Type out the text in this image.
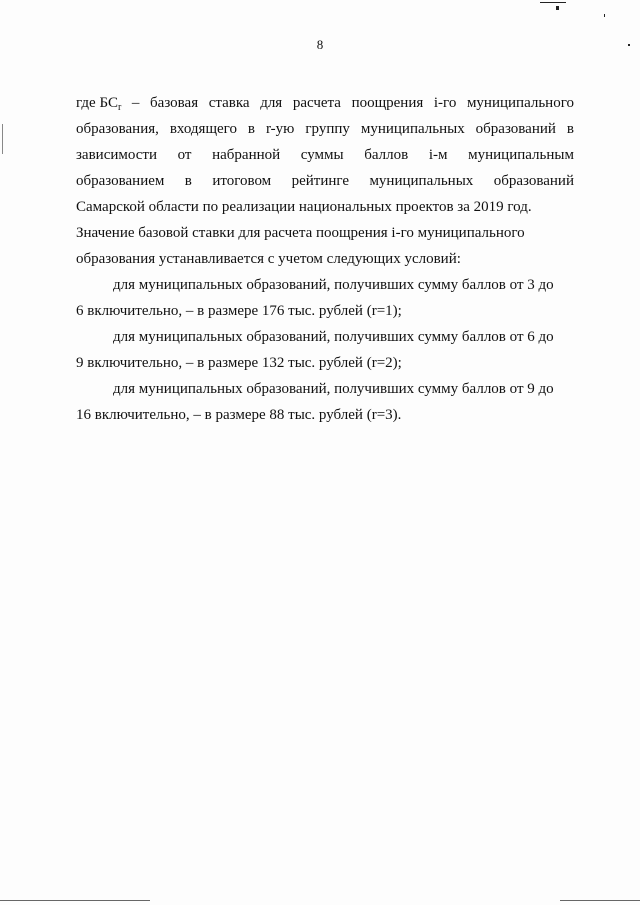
8
где $БС_r$ – базовая ставка для расчета поощрения i-го муниципального
образования, входящего в r-ую группу муниципальных образований в
зависимости от набранной суммы баллов i-м муниципальным
образованием в итоговом рейтинге муниципальных образований
Самарской области по реализации национальных проектов за 2019 год.
Значение базовой ставки для расчета поощрения i-го муниципального
образования устанавливается с учетом следующих условий:
для муниципальных образований, получивших сумму баллов от 3 до
6 включительно, – в размере 176 тыс. рублей (r=1);
для муниципальных образований, получивших сумму баллов от 6 до
9 включительно, – в размере 132 тыс. рублей (r=2);
для муниципальных образований, получивших сумму баллов от 9 до
16 включительно, – в размере 88 тыс. рублей (r=3).
